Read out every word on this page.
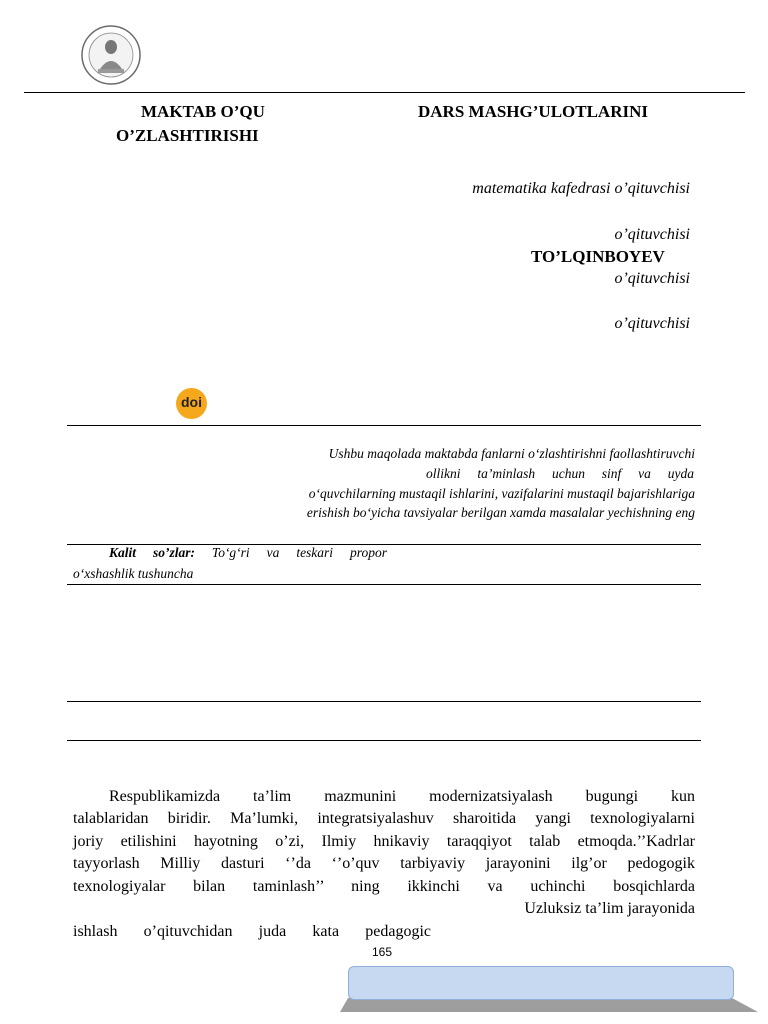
MAKTAB O’QU
O’ZLASHTIRISHI
DARS MASHG’ULOTLARINI
matematika kafedrasi o’qituvchisi
o’qituvchisi
TO’LQINBOYEV
o’qituvchisi
o’qituvchisi
doi
Ushbu maqolada maktabda fanlarni o‘zlashtirishni faollashtiruvchi
ollikni ta’minlash uchun sinf va uyda
o‘quvchilarning mustaqil ishlarini, vazifalarini mustaqil bajarishlariga
erishish bo‘yicha tavsiyalar berilgan xamda masalalar yechishning eng
Kalit so’zlar: To‘g‘ri va teskari propor
o‘xshashlik tushuncha
Respublikamizda ta’lim mazmunini modernizatsiyalash bugungi kun
talablaridan biridir. Ma’lumki, integratsiyalashuv sharoitida yangi texnologiyalarni
joriy etilishini hayotning o’zi, Ilmiy hnikaviy taraqqiyot talab etmoqda.’’Kadrlar
tayyorlash Milliy dasturi ‘’da ‘’o’quv tarbiyaviy jarayonini ilg’or pedogogik
texnologiyalar bilan taminlash’’ ning ikkinchi va uchinchi bosqichlarda
Uzluksiz ta’lim jarayonida
ishlash o’qituvchidan juda kata pedagogic
165
